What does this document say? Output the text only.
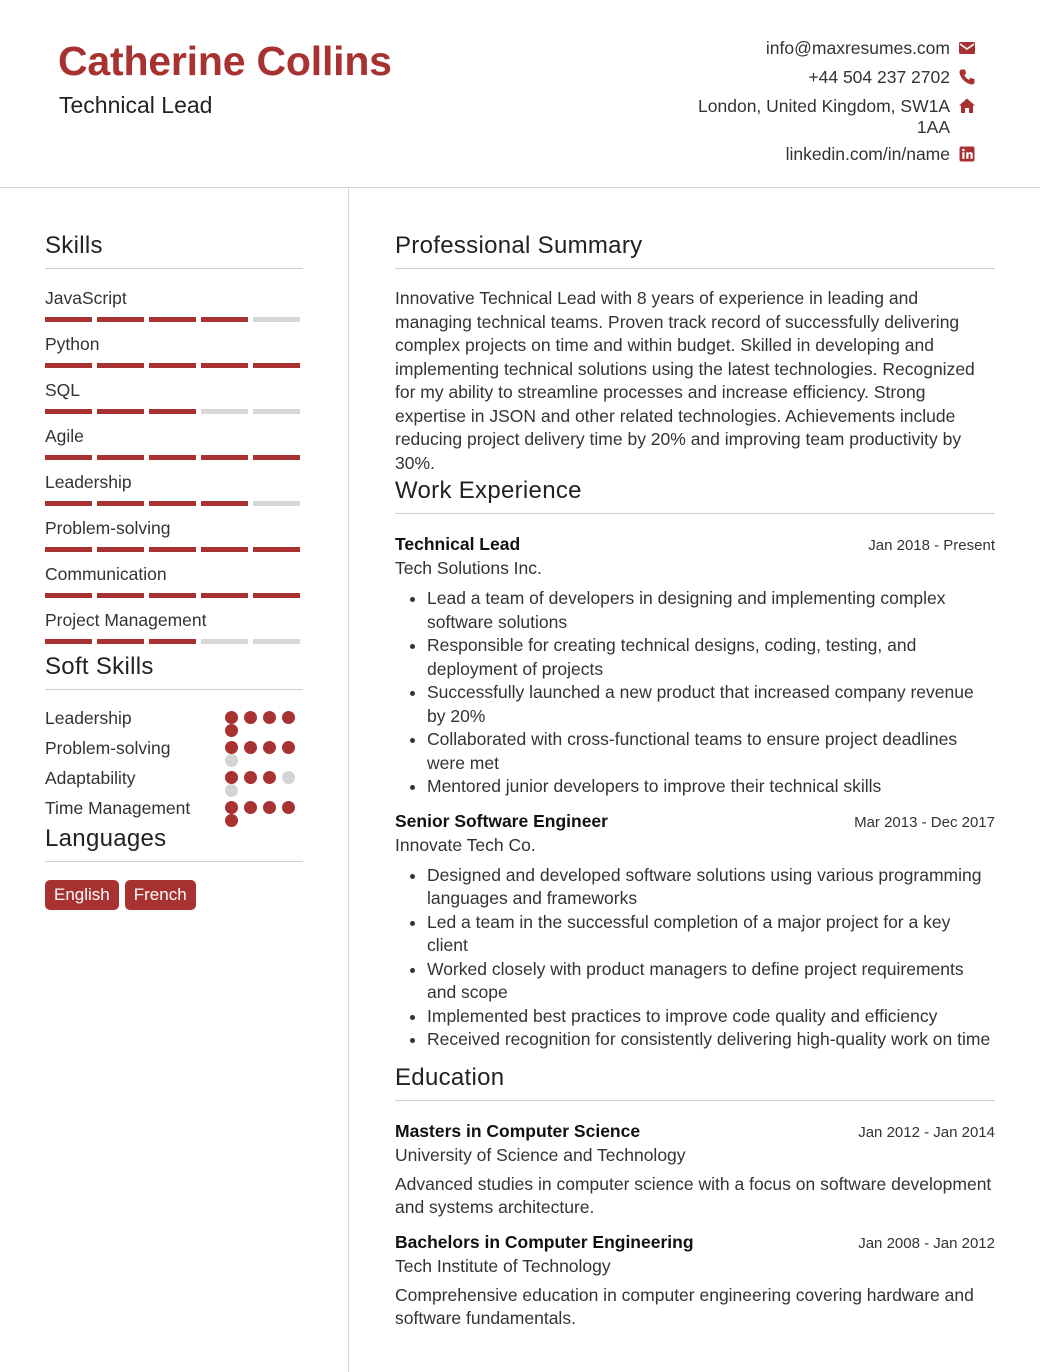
Catherine Collins
Technical Lead
info@maxresumes.com
+44 504 237 2702
London, United Kingdom, SW1A 1AA
linkedin.com/in/name
Skills
JavaScript
Python
SQL
Agile
Leadership
Problem-solving
Communication
Project Management
Soft Skills
Leadership
Problem-solving
Adaptability
Time Management
Languages
English	French
Professional Summary
Innovative Technical Lead with 8 years of experience in leading and managing technical teams. Proven track record of successfully delivering complex projects on time and within budget. Skilled in developing and implementing technical solutions using the latest technologies. Recognized for my ability to streamline processes and increase efficiency. Strong expertise in JSON and other related technologies. Achievements include reducing project delivery time by 20% and improving team productivity by 30%.
Work Experience
Technical Lead	Jan 2018 - Present
Tech Solutions Inc.
• Lead a team of developers in designing and implementing complex software solutions
• Responsible for creating technical designs, coding, testing, and deployment of projects
• Successfully launched a new product that increased company revenue by 20%
• Collaborated with cross-functional teams to ensure project deadlines were met
• Mentored junior developers to improve their technical skills
Senior Software Engineer	Mar 2013 - Dec 2017
Innovate Tech Co.
• Designed and developed software solutions using various programming languages and frameworks
• Led a team in the successful completion of a major project for a key client
• Worked closely with product managers to define project requirements and scope
• Implemented best practices to improve code quality and efficiency
• Received recognition for consistently delivering high-quality work on time
Education
Masters in Computer Science	Jan 2012 - Jan 2014
University of Science and Technology
Advanced studies in computer science with a focus on software development and systems architecture.
Bachelors in Computer Engineering	Jan 2008 - Jan 2012
Tech Institute of Technology
Comprehensive education in computer engineering covering hardware and software fundamentals.
